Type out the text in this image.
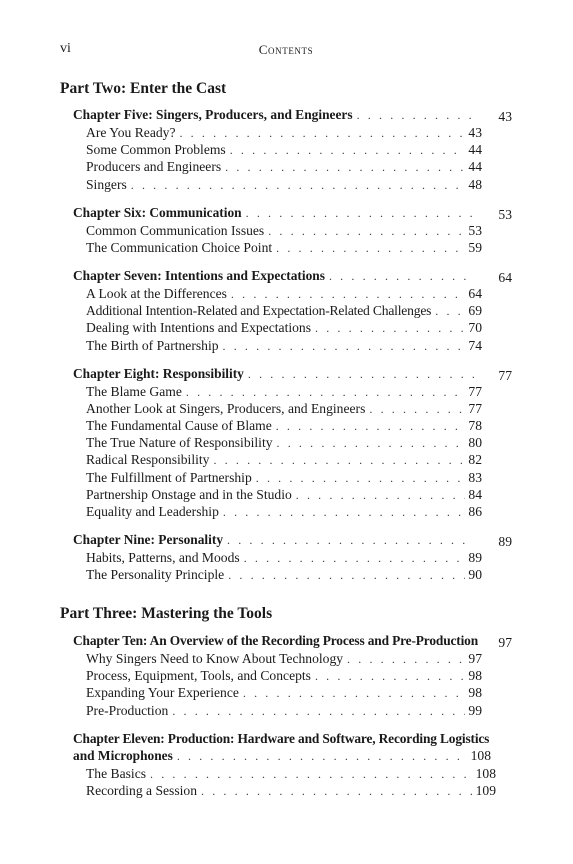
vi	Contents
Part Two: Enter the Cast
Chapter Five: Singers, Producers, and Engineers . . .	43
Are You Ready? . . .	43
Some Common Problems . . .	44
Producers and Engineers . . .	44
Singers . . .	48
Chapter Six: Communication . . .	53
Common Communication Issues . . .	53
The Communication Choice Point . . .	59
Chapter Seven: Intentions and Expectations . . .	64
A Look at the Differences . . .	64
Additional Intention-Related and Expectation-Related Challenges . . .	69
Dealing with Intentions and Expectations . . .	70
The Birth of Partnership . . .	74
Chapter Eight: Responsibility . . .	77
The Blame Game . . .	77
Another Look at Singers, Producers, and Engineers . . .	77
The Fundamental Cause of Blame . . .	78
The True Nature of Responsibility . . .	80
Radical Responsibility . . .	82
The Fulfillment of Partnership . . .	83
Partnership Onstage and in the Studio . . .	84
Equality and Leadership . . .	86
Chapter Nine: Personality . . .	89
Habits, Patterns, and Moods . . .	89
The Personality Principle . . .	90
Part Three: Mastering the Tools
Chapter Ten: An Overview of the Recording Process and Pre-Production 97
Why Singers Need to Know About Technology . . .	97
Process, Equipment, Tools, and Concepts . . .	98
Expanding Your Experience . . .	98
Pre-Production . . .	99
Chapter Eleven: Production: Hardware and Software, Recording Logistics
and Microphones . . .	108
The Basics . . .	108
Recording a Session . . .	109
